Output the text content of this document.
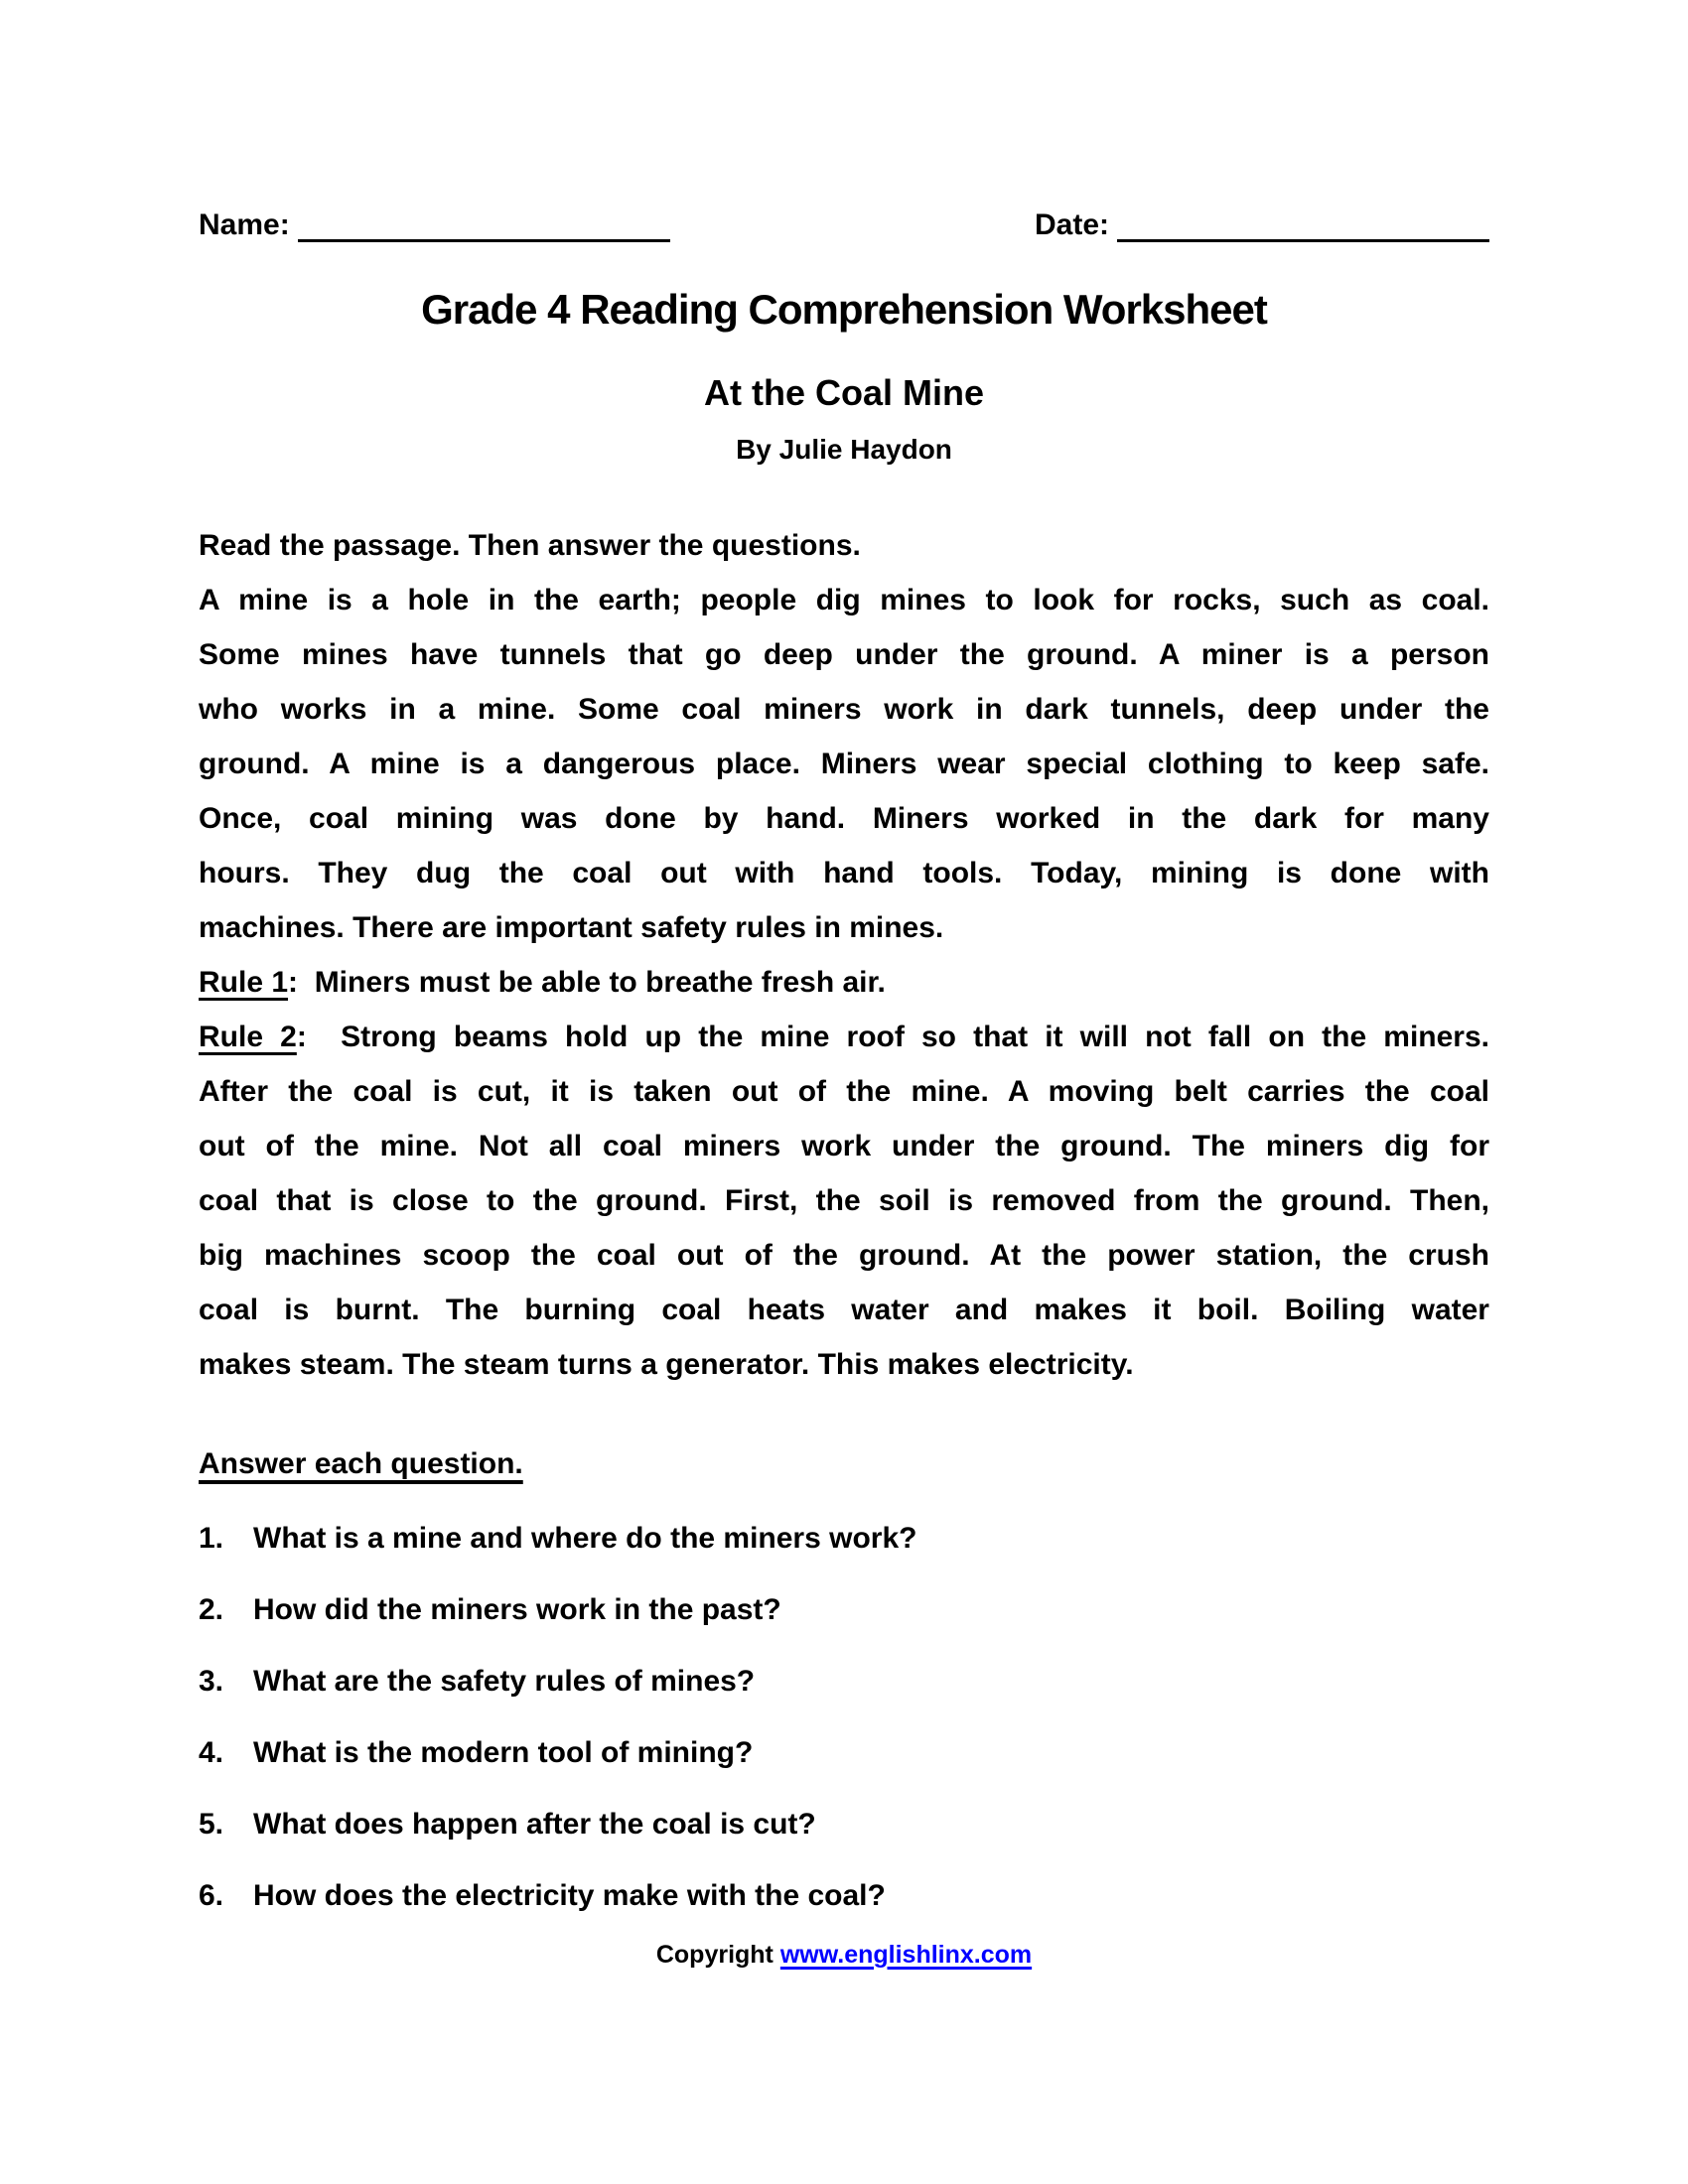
Name:	Date:
Grade 4 Reading Comprehension Worksheet
At the Coal Mine
By Julie Haydon
Read the passage. Then answer the questions.
A mine is a hole in the earth; people dig mines to look for rocks, such as coal.
Some mines have tunnels that go deep under the ground. A miner is a person
who works in a mine. Some coal miners work in dark tunnels, deep under the
ground. A mine is a dangerous place. Miners wear special clothing to keep safe.
Once, coal mining was done by hand. Miners worked in the dark for many
hours. They dug the coal out with hand tools. Today, mining is done with
machines. There are important safety rules in mines.
Rule 1:  Miners must be able to breathe fresh air.
Rule 2:  Strong beams hold up the mine roof so that it will not fall on the miners.
After the coal is cut, it is taken out of the mine. A moving belt carries the coal
out of the mine. Not all coal miners work under the ground. The miners dig for
coal that is close to the ground. First, the soil is removed from the ground. Then,
big machines scoop the coal out of the ground. At the power station, the crush
coal is burnt. The burning coal heats water and makes it boil. Boiling water
makes steam. The steam turns a generator. This makes electricity.
Answer each question.
1. What is a mine and where do the miners work?
2. How did the miners work in the past?
3. What are the safety rules of mines?
4. What is the modern tool of mining?
5. What does happen after the coal is cut?
6. How does the electricity make with the coal?
Copyright www.englishlinx.com
